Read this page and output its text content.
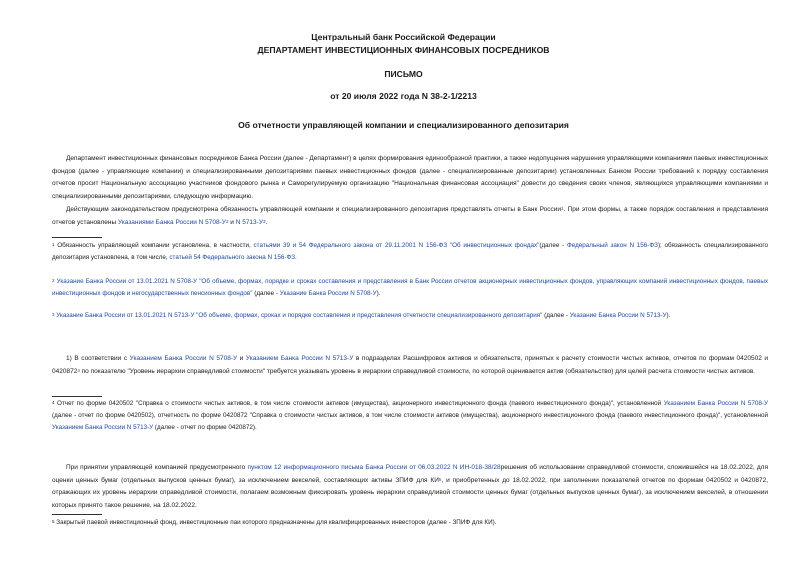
Центральный банк Российской Федерации
ДЕПАРТАМЕНТ ИНВЕСТИЦИОННЫХ ФИНАНСОВЫХ ПОСРЕДНИКОВ
ПИСЬМО
от 20 июля 2022 года N 38-2-1/2213
Об отчетности управляющей компании и специализированного депозитария
Департамент инвестиционных финансовых посредников Банка России (далее - Департамент) в целях формирования единообразной практики, а также недопущения нарушения управляющими компаниями паевых инвестиционных фондов (далее - управляющие компании) и специализированными депозитариями паевых инвестиционных фондов (далее - специализированные депозитарии) установленных Банком России требований к порядку составления отчетов просит Национальную ассоциацию участников фондового рынка и Саморегулируемую организацию "Национальная финансовая ассоциация" довести до сведения своих членов, являющихся управляющими компаниями и специализированными депозитариями, следующую информацию.
Действующим законодательством предусмотрена обязанность управляющей компании и специализированного депозитария представлять отчеты в Банк России$^1$. При этом формы, а также порядок составления и представления отчетов установлены Указаниями Банка России N $5708-У^2$ и N $5713-У^3$.
$^1$ Обязанность управляющей компании установлена, в частности, статьями 39 и 54 Федерального закона от 29.11.2001 N 156-ФЗ "Об инвестиционных фондах"(далее - Федеральный закон N 156-ФЗ); обязанность специализированного депозитария установлена, в том числе, статьей 54 Федерального закона N 156-ФЗ.
$^2$ Указание Банка России от 13.01.2021 N 5708-У "Об объеме, формах, порядке и сроках составления и представления в Банк России отчетов акционерных инвестиционных фондов, управляющих компаний инвестиционных фондов, паевых инвестиционных фондов и негосударственных пенсионных фондов" (далее - Указание Банка России N 5708-У).
$^3$ Указание Банка России от 13.01.2021 N 5713-У "Об объеме, формах, сроках и порядке составления и представления отчетности специализированного депозитария" (далее - Указание Банка России N 5713-У).
1) В соответствии с Указанием Банка России N 5708-У и Указанием Банка России N 5713-У в подразделах Расшифровок активов и обязательств, принятых к расчету стоимости чистых активов, отчетов по формам 0420502 и 0420872$^4$ по показателю "Уровень иерархии справедливой стоимости" требуется указывать уровень в иерархии справедливой стоимости, по которой оценивается актив (обязательство) для целей расчета стоимости чистых активов.
$^4$ Отчет по форме 0420502 "Справка о стоимости чистых активов, в том числе стоимости активов (имущества), акционерного инвестиционного фонда (паевого инвестиционного фонда)", установленной Указанием Банка России N 5708-У (далее - отчет по форме 0420502), отчетность по форме 0420872 "Справка о стоимости чистых активов, в том числе стоимости активов (имущества), акционерного инвестиционного фонда (паевого инвестиционного фонда)", установленной Указанием Банка России N 5713-У (далее - отчет по форме 0420872).
При принятии управляющей компанией предусмотренного пунктом 12 информационного письма Банка России от 06.03.2022 N ИН-018-38/28решения об использовании справедливой стоимости, сложившейся на 18.02.2022, для оценки ценных бумаг (отдельных выпусков ценных бумаг), за исключением векселей, составляющих активы ЗПИФ для $КИ^5$, и приобретенных до 18.02.2022, при заполнении показателей отчетов по формам 0420502 и 0420872, отражающих их уровень иерархии справедливой стоимости, полагаем возможным фиксировать уровень иерархии справедливой стоимости ценных бумаг (отдельных выпусков ценных бумаг), за исключением векселей, в отношении которых принято такое решение, на 18.02.2022.
$^5$ Закрытый паевой инвестиционный фонд, инвестиционные паи которого предназначены для квалифицированных инвесторов (далее - ЗПИФ для КИ).
